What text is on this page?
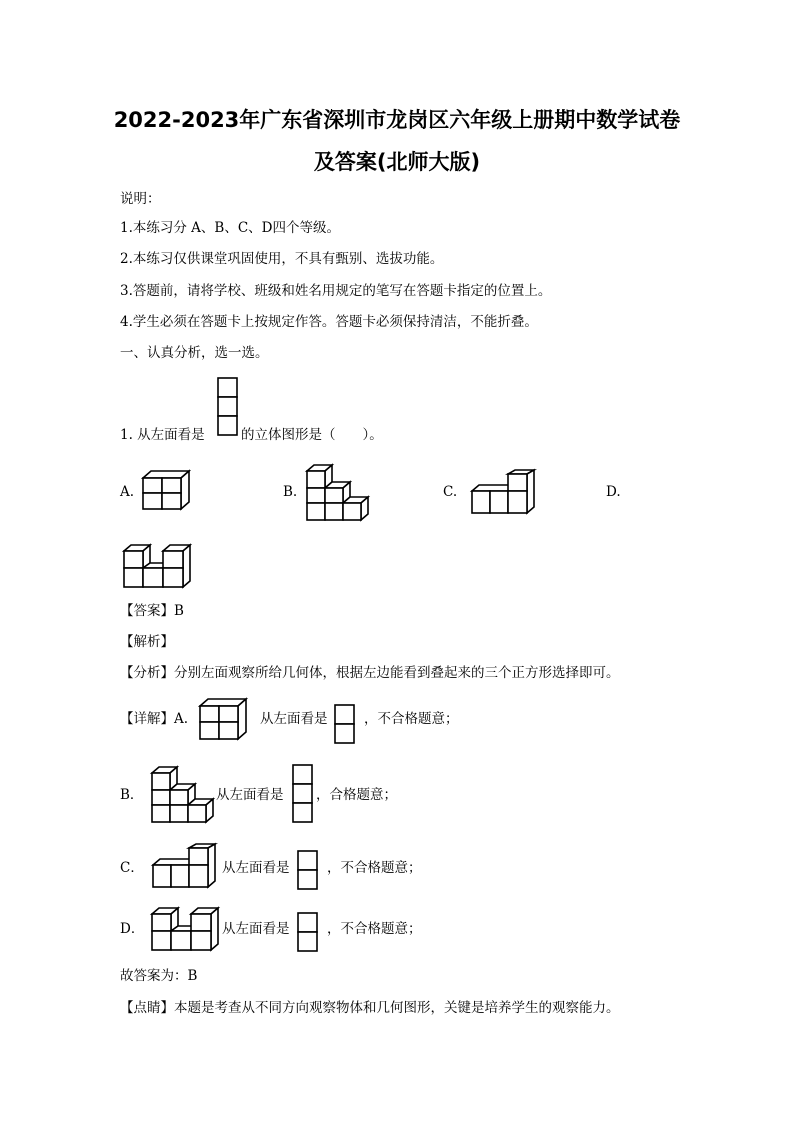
2022-2023年广东省深圳市龙岗区六年级上册期中数学试卷
及答案(北师大版)
说明：
1.本练习分 A、B、C、D四个等级。
2.本练习仅供课堂巩固使用，不具有甄别、选拔功能。
3.答题前，请将学校、班级和姓名用规定的笔写在答题卡指定的位置上。
4.学生必须在答题卡上按规定作答。答题卡必须保持清洁，不能折叠。
一、认真分析，选一选。
1. 从左面看是	的立体图形是（　　）。
A.	B.	C.	D.
【答案】B
【解析】
【分析】分别左面观察所给几何体，根据左边能看到叠起来的三个正方形选择即可。
【详解】A.	从左面看是	，不合格题意；
B．	从左面看是 ，合格题意；
C．	从左面看是	，不合格题意；
D．	从左面看是	，不合格题意；
故答案为：B
【点睛】本题是考查从不同方向观察物体和几何图形，关键是培养学生的观察能力。
